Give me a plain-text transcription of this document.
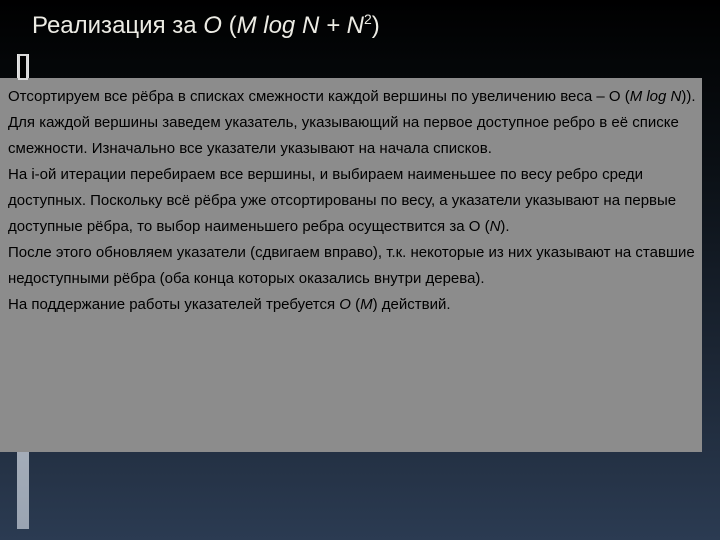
Реализация за O (M $\log N + N^2$)

Отсортируем все рёбра в списках смежности каждой вершины по увеличению веса – O (M log N)).

Для каждой вершины заведем указатель, указывающий на первое доступное ребро в её списке смежности. Изначально все указатели указывают на начала списков.

На i-ой итерации перебираем все вершины, и выбираем наименьшее по весу ребро среди доступных. Поскольку всё рёбра уже отсортированы по весу, а указатели указывают на первые доступные рёбра, то выбор наименьшего ребра осуществится за O (N).

После этого обновляем указатели (сдвигаем вправо), т.к. некоторые из них указывают на ставшие недоступными рёбра (оба конца которых оказались внутри дерева).

На поддержание работы указателей требуется O (M) действий.
